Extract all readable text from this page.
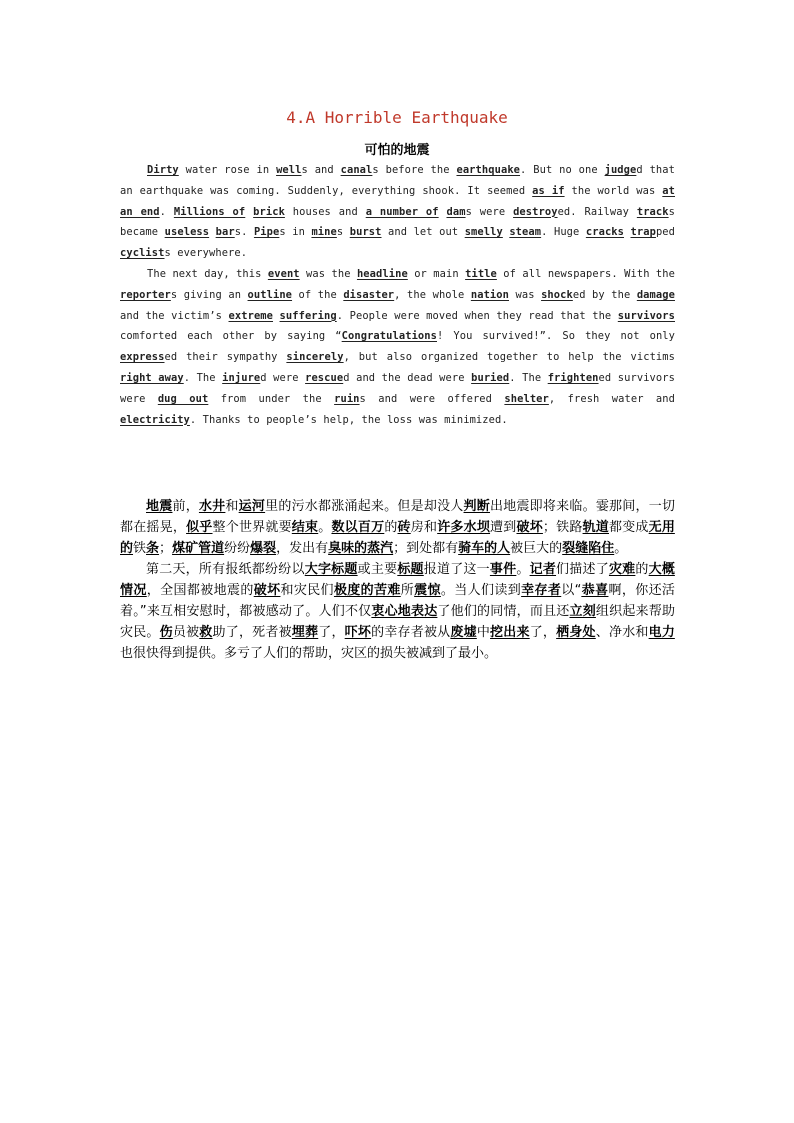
4.A Horrible Earthquake
可怕的地震

Dirty water rose in wells and canals before the earthquake. But no one judged that an earthquake was coming. Suddenly, everything shook. It seemed as if the world was at an end. Millions of brick houses and a number of dams were destroyed. Railway tracks became useless bars. Pipes in mines burst and let out smelly steam. Huge cracks trapped cyclists everywhere.

The next day, this event was the headline or main title of all newspapers. With the reporters giving an outline of the disaster, the whole nation was shocked by the damage and the victim’s extreme suffering. People were moved when they read that the survivors comforted each other by saying “Congratulations! You survived!”. So they not only expressed their sympathy sincerely, but also organized together to help the victims right away. The injured were rescued and the dead were buried. The frightened survivors were dug out from under the ruins and were offered shelter, fresh water and electricity. Thanks to people’s help, the loss was minimized.

地震前，水井和运河里的污水都涨涌起来。但是却没人判断出地震即将来临。霎那间，一切都在摇晃，似乎整个世界就要结束。数以百万的砖房和许多水坝遭到破坏；铁路轨道都变成无用的铁条；煤矿管道纷纷爆裂，发出有臭味的蒸汽；到处都有骑车的人被巨大的裂缝陷住。

第二天，所有报纸都纷纷以大字标题或主要标题报道了这一事件。记者们描述了灾难的大概情况，全国都被地震的破坏和灾民们极度的苦难所震惊。当人们读到幸存者以“恭喜啊，你还活着。”来互相安慰时，都被感动了。人们不仅衷心地表达了他们的同情，而且还立刻组织起来帮助灾民。伤员被救助了，死者被埋葬了，吓坏的幸存者被从废墟中挖出来了，栖身处、净水和电力也很快得到提供。多亏了人们的帮助，灾区的损失被减到了最小。
